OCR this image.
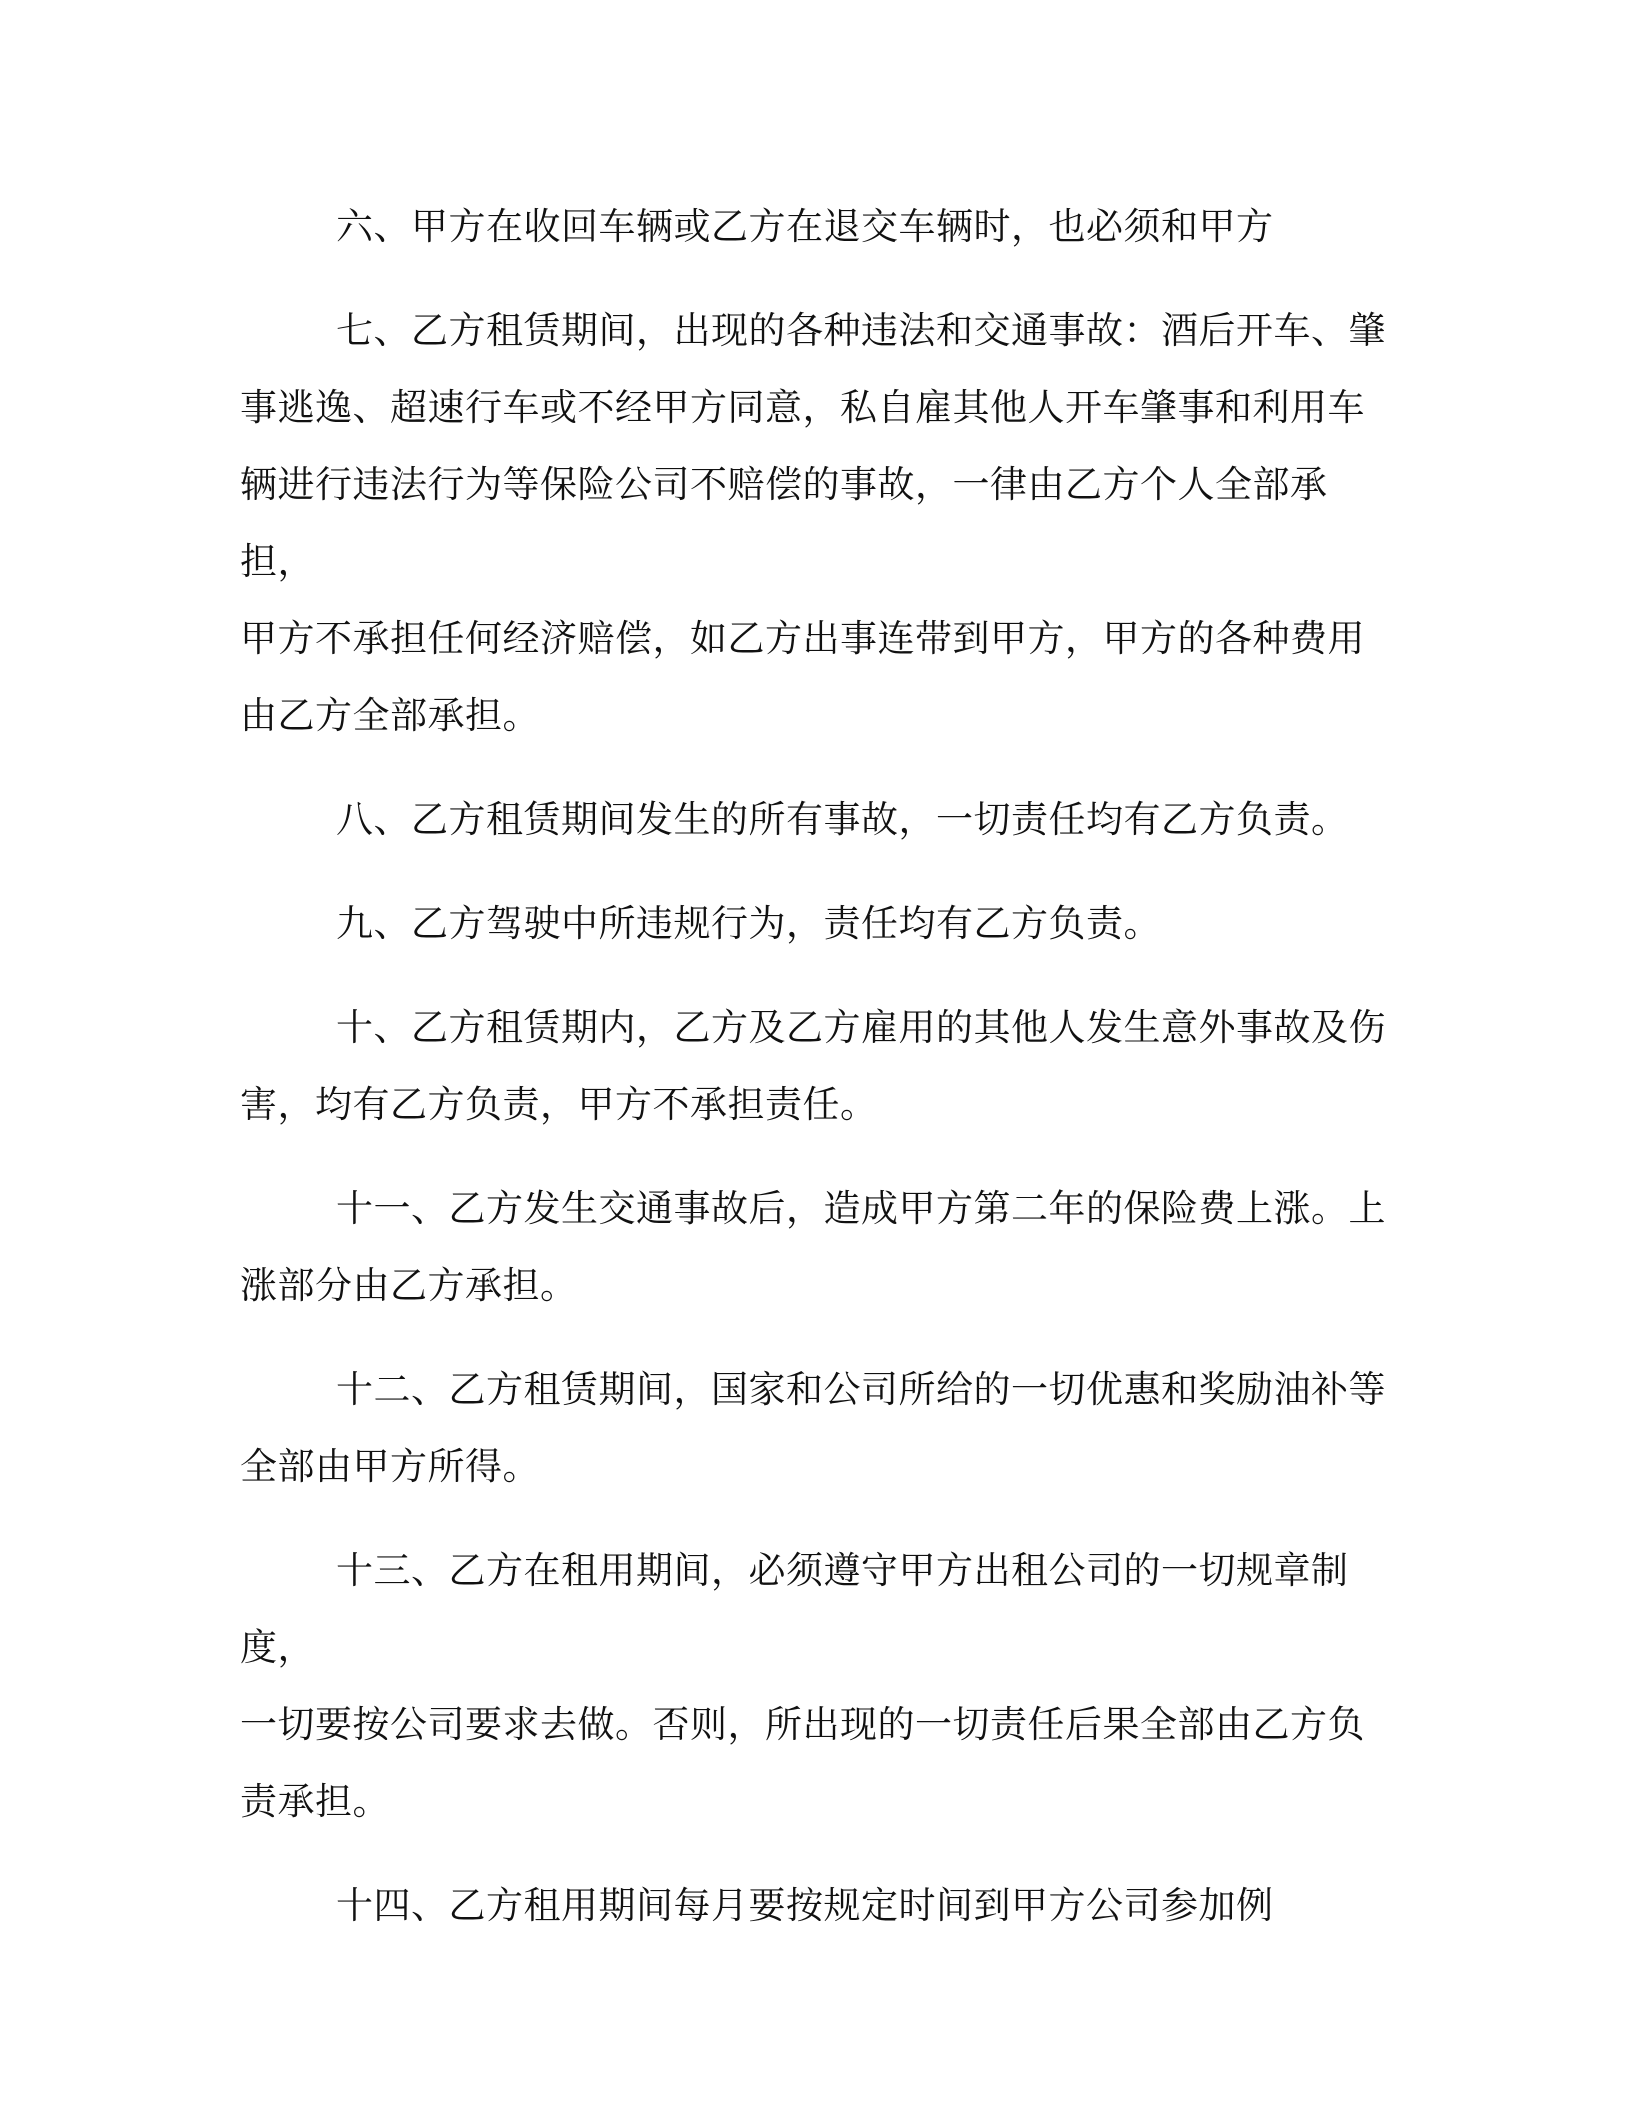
六、甲方在收回车辆或乙方在退交车辆时，也必须和甲方
七、乙方租赁期间，出现的各种违法和交通事故：酒后开车、肇
事逃逸、超速行车或不经甲方同意，私自雇其他人开车肇事和利用车
辆进行违法行为等保险公司不赔偿的事故，一律由乙方个人全部承担，
甲方不承担任何经济赔偿，如乙方出事连带到甲方，甲方的各种费用
由乙方全部承担。
八、乙方租赁期间发生的所有事故，一切责任均有乙方负责。
九、乙方驾驶中所违规行为，责任均有乙方负责。
十、乙方租赁期内，乙方及乙方雇用的其他人发生意外事故及伤
害，均有乙方负责，甲方不承担责任。
十一、乙方发生交通事故后，造成甲方第二年的保险费上涨。上
涨部分由乙方承担。
十二、乙方租赁期间，国家和公司所给的一切优惠和奖励油补等
全部由甲方所得。
十三、乙方在租用期间，必须遵守甲方出租公司的一切规章制度，
一切要按公司要求去做。否则，所出现的一切责任后果全部由乙方负
责承担。
十四、乙方租用期间每月要按规定时间到甲方公司参加例
